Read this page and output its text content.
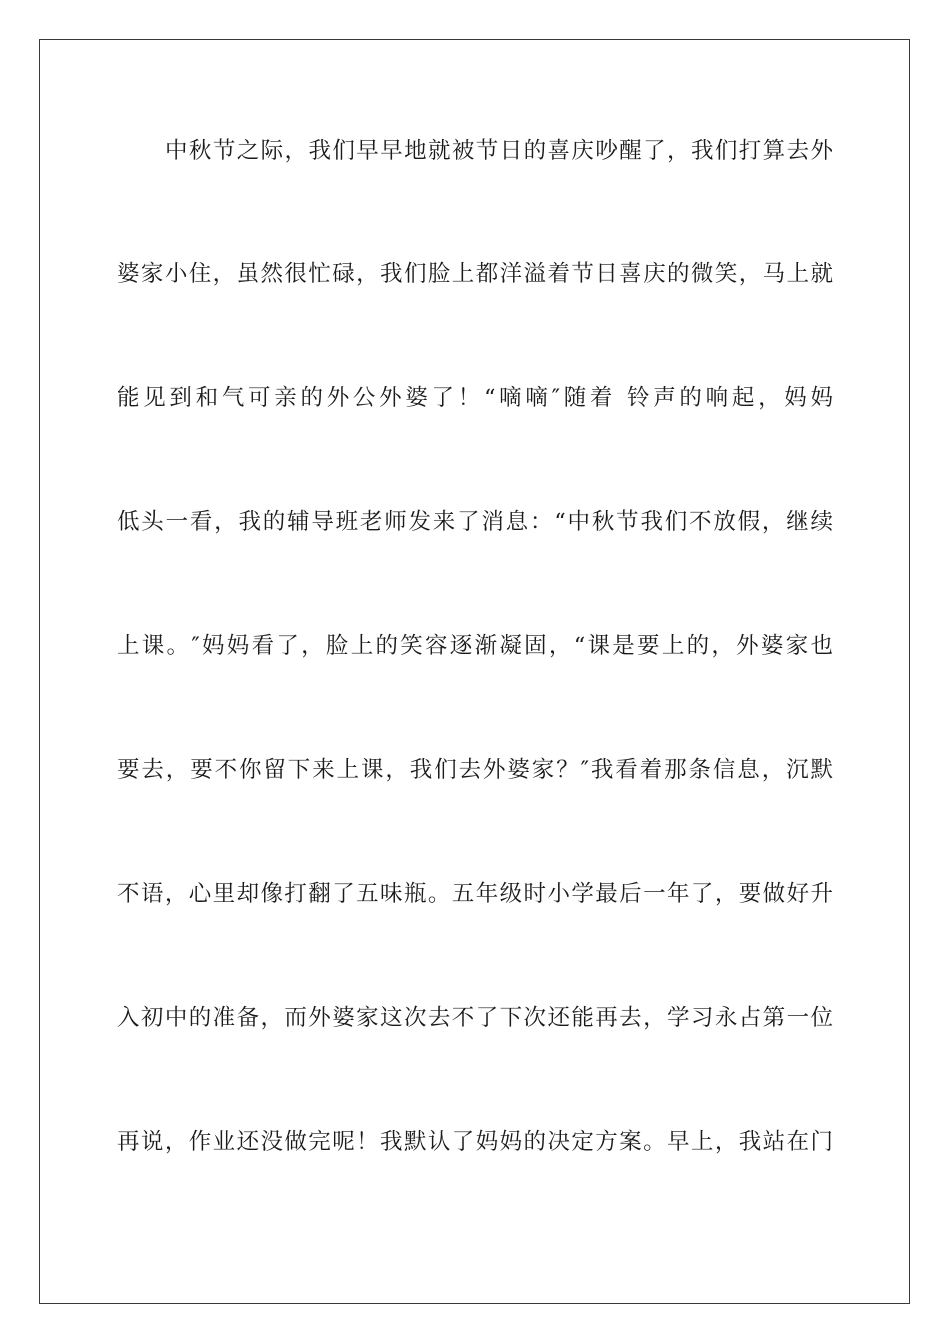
中秋节之际，我们早早地就被节日的喜庆吵醒了，我们打算去外
婆家小住，虽然很忙碌，我们脸上都洋溢着节日喜庆的微笑，马上就
能见到和气可亲的外公外婆了！“嘀嘀″随着 铃声的响起，妈妈
低头一看，我的辅导班老师发来了消息：“中秋节我们不放假，继续
上课。″妈妈看了，脸上的笑容逐渐凝固，“课是要上的，外婆家也
要去，要不你留下来上课，我们去外婆家？″我看着那条信息，沉默
不语，心里却像打翻了五味瓶。五年级时小学最后一年了，要做好升
入初中的准备，而外婆家这次去不了下次还能再去，学习永占第一位
再说，作业还没做完呢！我默认了妈妈的决定方案。早上，我站在门
